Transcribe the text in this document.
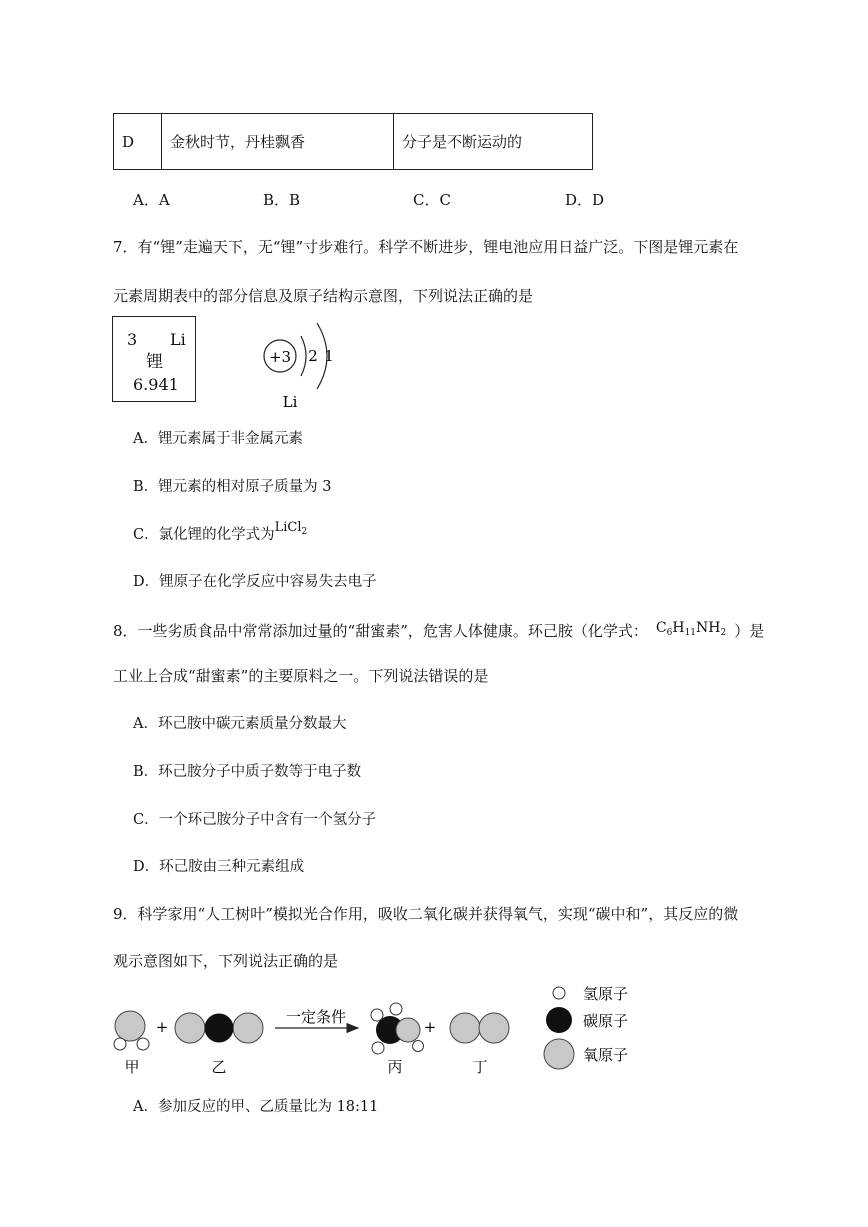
D	金秋时节，丹桂飘香	分子是不断运动的
A．A	B．B	C．C	D．D
7．有“锂”走遍天下，无“锂”寸步难行。科学不断进步，锂电池应用日益广泛。下图是锂元素在
元素周期表中的部分信息及原子结构示意图，下列说法正确的是
3 Li
锂
6.941
+3 2 1
Li
A．锂元素属于非金属元素
B．锂元素的相对原子质量为 3
C．氯化锂的化学式为LiCl$_2$
D．锂原子在化学反应中容易失去电子
8．一些劣质食品中常常添加过量的“甜蜜素”，危害人体健康。环己胺（化学式： $C_6H_{11}NH_2$ ）是
工业上合成“甜蜜素”的主要原料之一。下列说法错误的是
A．环己胺中碳元素质量分数最大
B．环己胺分子中质子数等于电子数
C．一个环己胺分子中含有一个氢分子
D．环己胺由三种元素组成
9．科学家用“人工树叶”模拟光合作用，吸收二氧化碳并获得氧气，实现“碳中和”，其反应的微
观示意图如下，下列说法正确的是
+
一定条件
+
甲	乙	丙	丁
氢原子
碳原子
氧原子
A．参加反应的甲、乙质量比为 18:11
